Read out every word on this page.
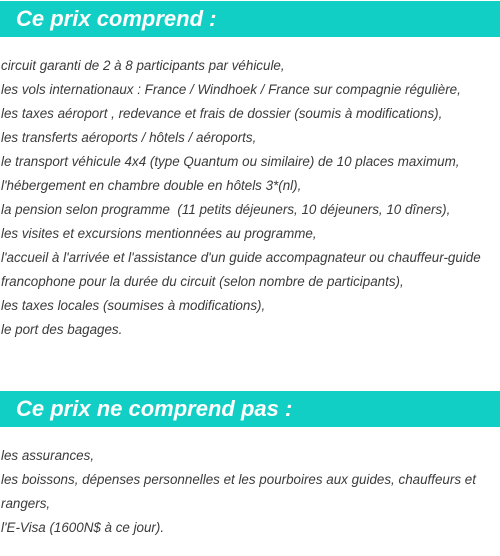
Ce prix comprend :
circuit garanti de 2 à 8 participants par véhicule,
les vols internationaux : France / Windhoek / France sur compagnie régulière,
les taxes aéroport , redevance et frais de dossier (soumis à modifications),
les transferts aéroports / hôtels / aéroports,
le transport véhicule 4x4 (type Quantum ou similaire) de 10 places maximum,
l'hébergement en chambre double en hôtels 3*(nl),
la pension selon programme  (11 petits déjeuners, 10 déjeuners, 10 dîners),
les visites et excursions mentionnées au programme,
l'accueil à l'arrivée et l'assistance d'un guide accompagnateur ou chauffeur-guide francophone pour la durée du circuit (selon nombre de participants),
les taxes locales (soumises à modifications),
le port des bagages.
Ce prix ne comprend pas :
les assurances,
les boissons, dépenses personnelles et les pourboires aux guides, chauffeurs et rangers,
l'E-Visa (1600N$ à ce jour).
